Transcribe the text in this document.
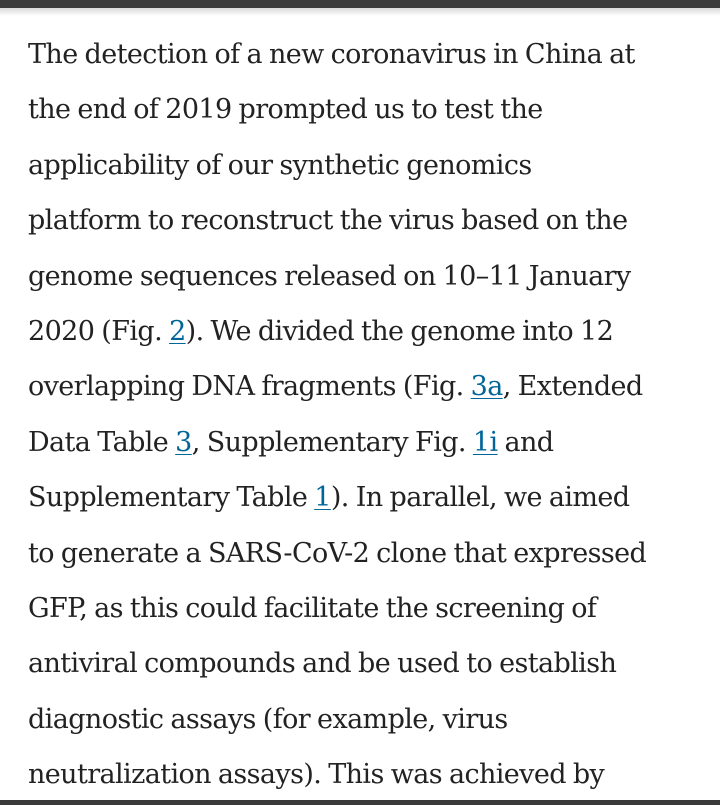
The detection of a new coronavirus in China at
the end of 2019 prompted us to test the
applicability of our synthetic genomics
platform to reconstruct the virus based on the
genome sequences released on 10–11 January
2020 (Fig. 2). We divided the genome into 12
overlapping DNA fragments (Fig. 3a, Extended
Data Table 3, Supplementary Fig. 1i and
Supplementary Table 1). In parallel, we aimed
to generate a SARS-CoV-2 clone that expressed
GFP, as this could facilitate the screening of
antiviral compounds and be used to establish
diagnostic assays (for example, virus
neutralization assays). This was achieved by
